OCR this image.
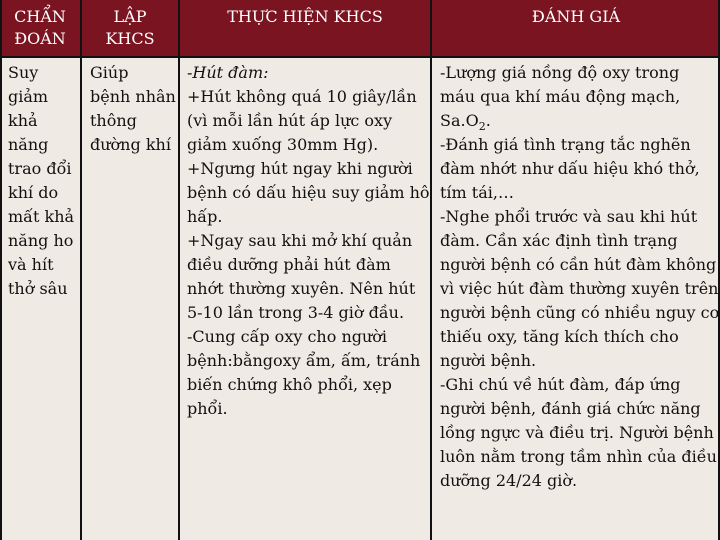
CHẨN
ĐOÁN
LẬP
KHCS
THỰC HIỆN KHCS	ĐÁNH GIÁ
Suy
giảm
khả
năng
trao đổi
khí do
mất khả
năng ho
và hít
thở sâu
Giúp
bệnh nhân
thông
đường khí
-Hút đàm:
+Hút không quá 10 giây/lần
(vì mỗi lần hút áp lực oxy
giảm xuống 30mm Hg).
+Ngưng hút ngay khi người
bệnh có dấu hiệu suy giảm hô
hấp.
+Ngay sau khi mở khí quản
điều dưỡng phải hút đàm
nhớt thường xuyên. Nên hút
5-10 lần trong 3-4 giờ đầu.
-Cung cấp oxy cho người
bệnh:bằngoxy ẩm, ấm, tránh
biến chứng khô phổi, xẹp
phổi.
-Lượng giá nồng độ oxy trong
máu qua khí máu động mạch,
$Sa.O_2$.
-Đánh giá tình trạng tắc nghẽn
đàm nhớt như dấu hiệu khó thở,
tím tái,…
-Nghe phổi trước và sau khi hút
đàm. Cần xác định tình trạng
người bệnh có cần hút đàm không
vì việc hút đàm thường xuyên trên
người bệnh cũng có nhiều nguy cơ
thiếu oxy, tăng kích thích cho
người bệnh.
-Ghi chú về hút đàm, đáp ứng
người bệnh, đánh giá chức năng
lồng ngực và điều trị. Người bệnh
luôn nằm trong tầm nhìn của điều
dưỡng 24/24 giờ.
